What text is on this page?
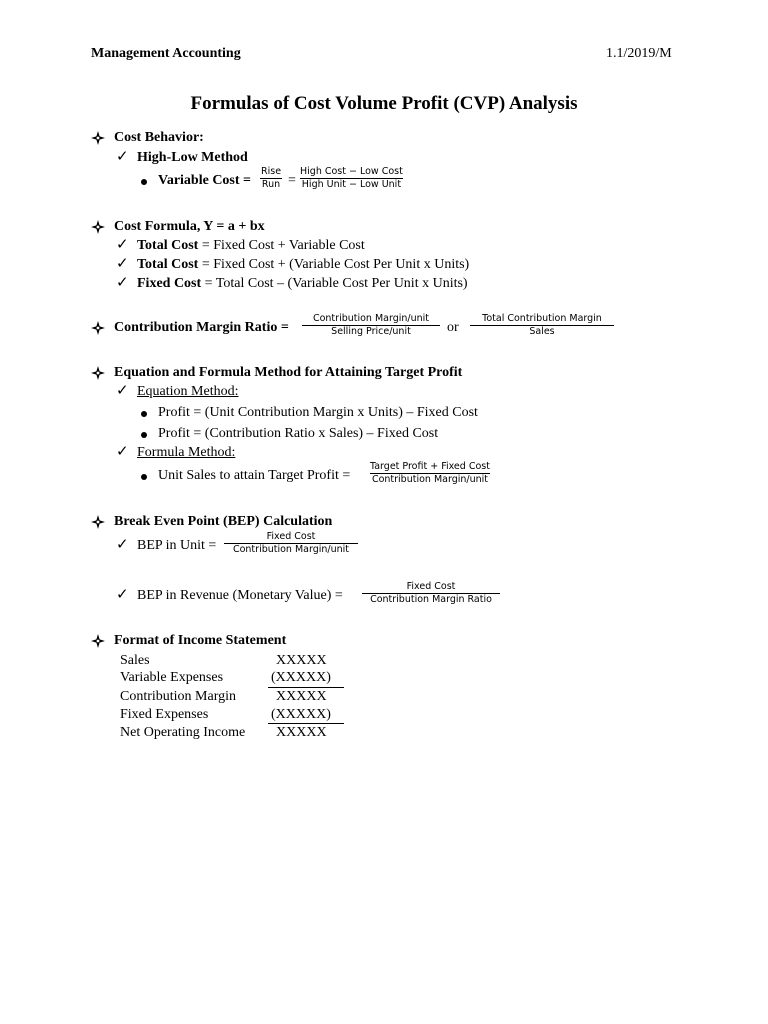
Management Accounting	1.1/2019/M
Formulas of Cost Volume Profit (CVP) Analysis
Cost Behavior:
✓ High-Low Method
Variable Cost =
Rise
Run =
High Cost − Low Cost
High Unit − Low Unit
Cost Formula, Y = a + bx
✓ Total Cost = Fixed Cost + Variable Cost
✓ Total Cost = Fixed Cost + (Variable Cost Per Unit x Units)
✓ Fixed Cost = Total Cost – (Variable Cost Per Unit x Units)
Contribution Margin Ratio =
Contribution Margin/unit
Selling Price/unit	or
Total Contribution Margin
Sales
Equation and Formula Method for Attaining Target Profit
✓ Equation Method:
Profit = (Unit Contribution Margin x Units) – Fixed Cost
Profit = (Contribution Ratio x Sales) – Fixed Cost
✓ Formula Method:
Unit Sales to attain Target Profit =
Target Profit + Fixed Cost
Contribution Margin/unit
Break Even Point (BEP) Calculation
✓ BEP in Unit =
Fixed Cost
Contribution Margin/unit
✓ BEP in Revenue (Monetary Value) =
Fixed Cost
Contribution Margin Ratio
Format of Income Statement
Sales	XXXXX
Variable Expenses	(XXXXX)
Contribution Margin	XXXXX
Fixed Expenses	(XXXXX)
Net Operating Income XXXXX
